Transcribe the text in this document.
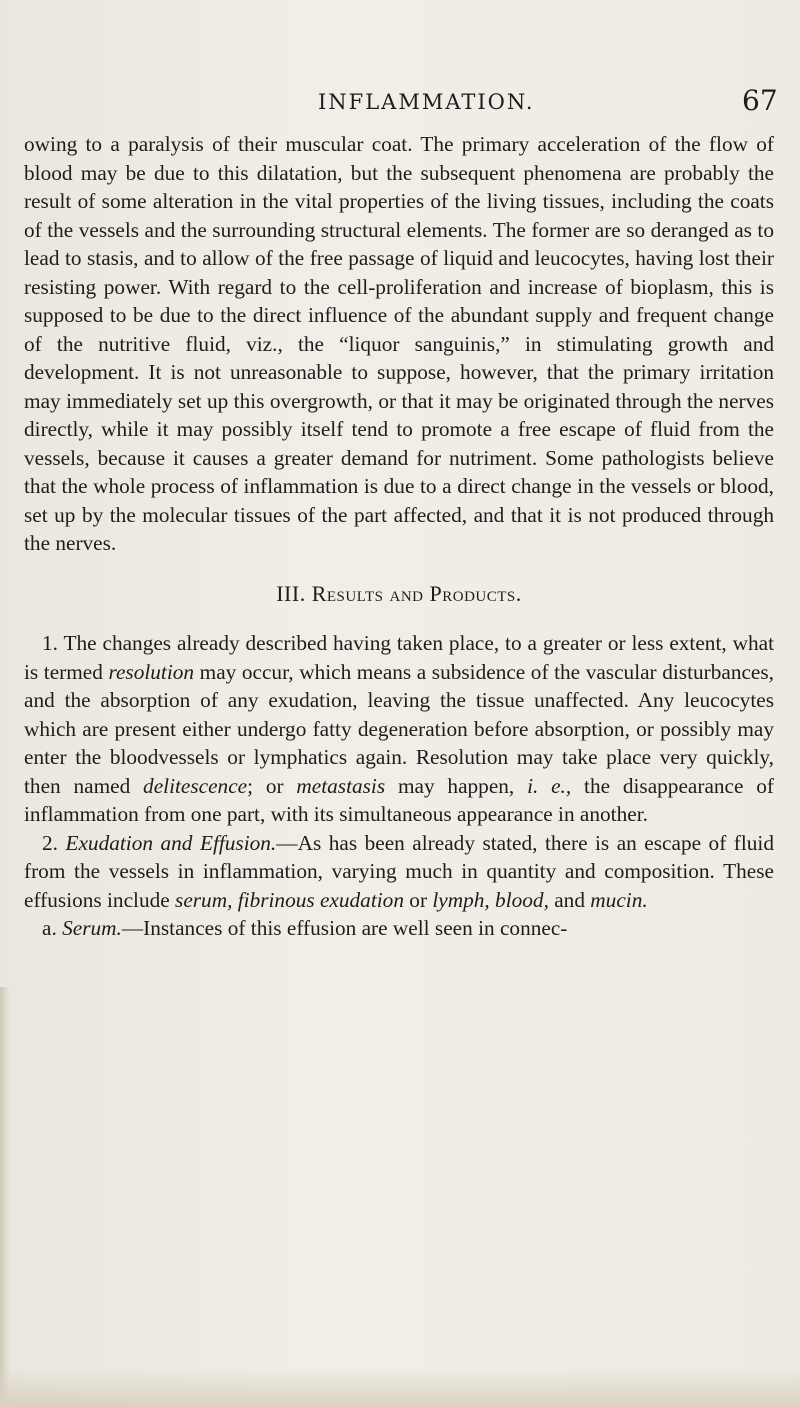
INFLAMMATION.	67

owing to a paralysis of their muscular coat. The primary acceleration of the flow of blood may be due to this dilatation, but the subsequent phenomena are probably the result of some alteration in the vital properties of the living tissues, including the coats of the vessels and the surrounding structural elements. The former are so deranged as to lead to stasis, and to allow of the free passage of liquid and leucocytes, having lost their resisting power. With regard to the cell-proliferation and increase of bioplasm, this is supposed to be due to the direct influence of the abundant supply and frequent change of the nutritive fluid, viz., the “liquor sanguinis,” in stimulating growth and development. It is not unreasonable to suppose, however, that the primary irritation may immediately set up this overgrowth, or that it may be originated through the nerves directly, while it may possibly itself tend to promote a free escape of fluid from the vessels, because it causes a greater demand for nutriment. Some pathologists believe that the whole process of inflammation is due to a direct change in the vessels or blood, set up by the molecular tissues of the part affected, and that it is not produced through the nerves.

III. Results and Products.

1. The changes already described having taken place, to a greater or less extent, what is termed resolution may occur, which means a subsidence of the vascular disturbances, and the absorption of any exudation, leaving the tissue unaffected. Any leucocytes which are present either undergo fatty degeneration before absorption, or possibly may enter the bloodvessels or lymphatics again. Resolution may take place very quickly, then named delitescence; or metastasis may happen, i. e., the disappearance of inflammation from one part, with its simultaneous appearance in another.

2. Exudation and Effusion.—As has been already stated, there is an escape of fluid from the vessels in inflammation, varying much in quantity and composition. These effusions include serum, fibrinous exudation or lymph, blood, and mucin.

a. Serum.—Instances of this effusion are well seen in connec-
